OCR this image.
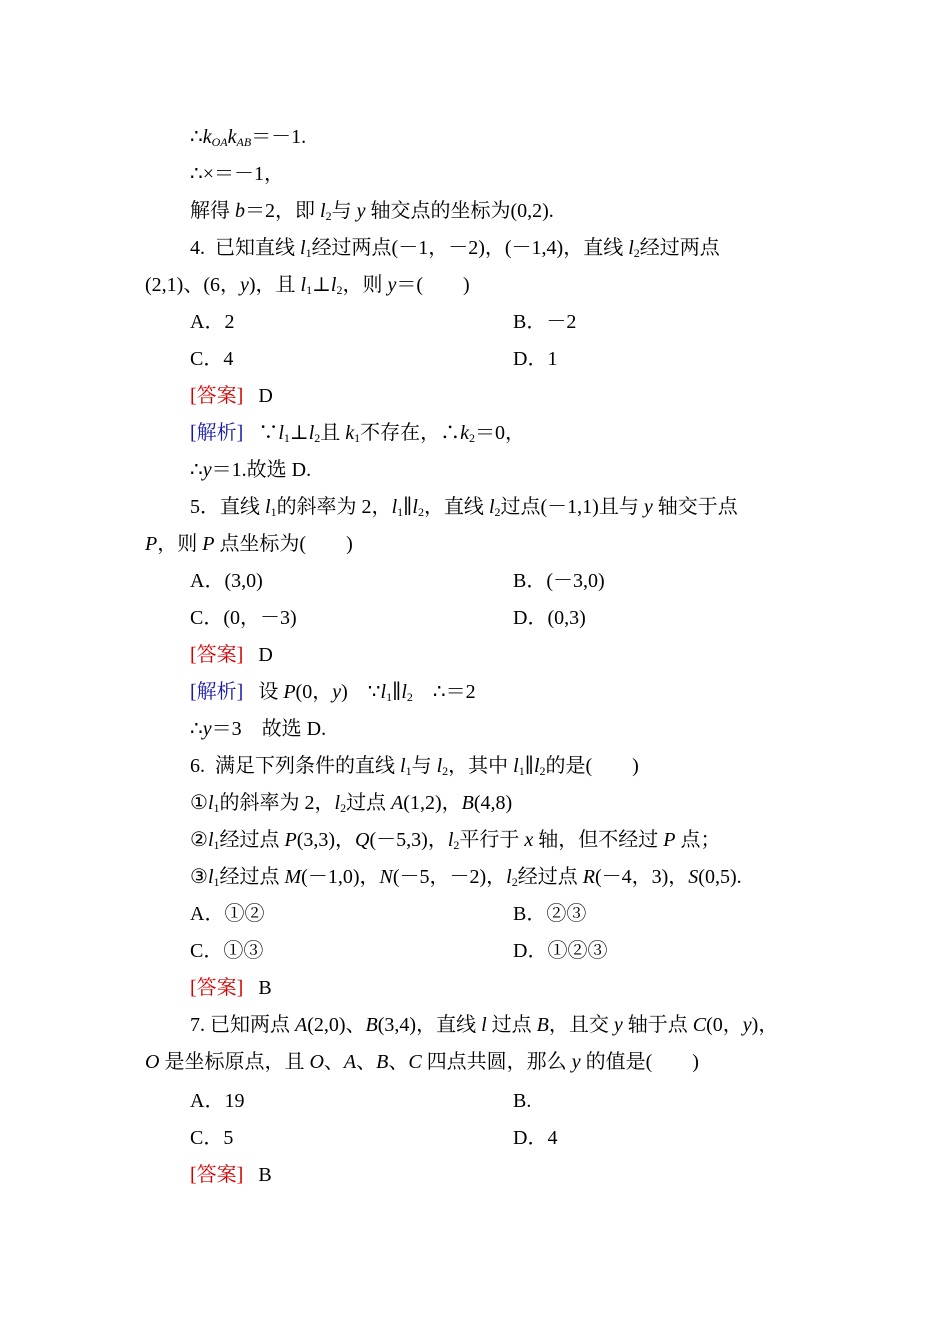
$\therefore k_{OA}k_{AB}=-1$.
∴×＝－1，
解得 b＝2，即 $l_2$与 y 轴交点的坐标为(0,2).
4.  已知直线 $l_1$经过两点(－1，－2)，(－1,4)，直线 $l_2$经过两点
(2,1)、(6，y)，且 $l_1\perp l_2$，则 y＝(        )
A．2	B．－2
C．4	D．1
[答案] D
[解析] $\because l_1\perp l_2$且 $k_1$不存在，$\therefore k_2=0$，
∴y＝1.故选 D.
5．直线 $l_1$的斜率为 2，$l_1\parallel l_2$，直线 $l_2$过点(－1,1)且与 y 轴交于点
P，则 P 点坐标为(        )
A．(3,0)	B．(－3,0)
C．(0，－3)	D．(0,3)
[答案] D
[解析] 设 P(0，y)    $\because l_1\parallel l_2$    ∴＝2
∴y＝3    故选 D.
6.  满足下列条件的直线 $l_1$与 $l_2$，其中 $l_1\parallel l_2$的是(        )
$①l_1$的斜率为 2，$l_2$过点 A(1,2)，B(4,8)
$②l_1$经过点 P(3,3)，Q(－5,3)，$l_2$平行于 x 轴，但不经过 P 点；
$③l_1$经过点 M(－1,0)，N(－5，－2)，$l_2$经过点 R(－4，3)，S(0,5).
A．①②	B．②③
C．①③	D．①②③
[答案] B
7. 已知两点 A(2,0)、B(3,4)，直线 l 过点 B，且交 y 轴于点 C(0，y)，
O 是坐标原点，且 O、A、B、C 四点共圆，那么 y 的值是(        )
A．19	B.
C．5	D．4
[答案] B
